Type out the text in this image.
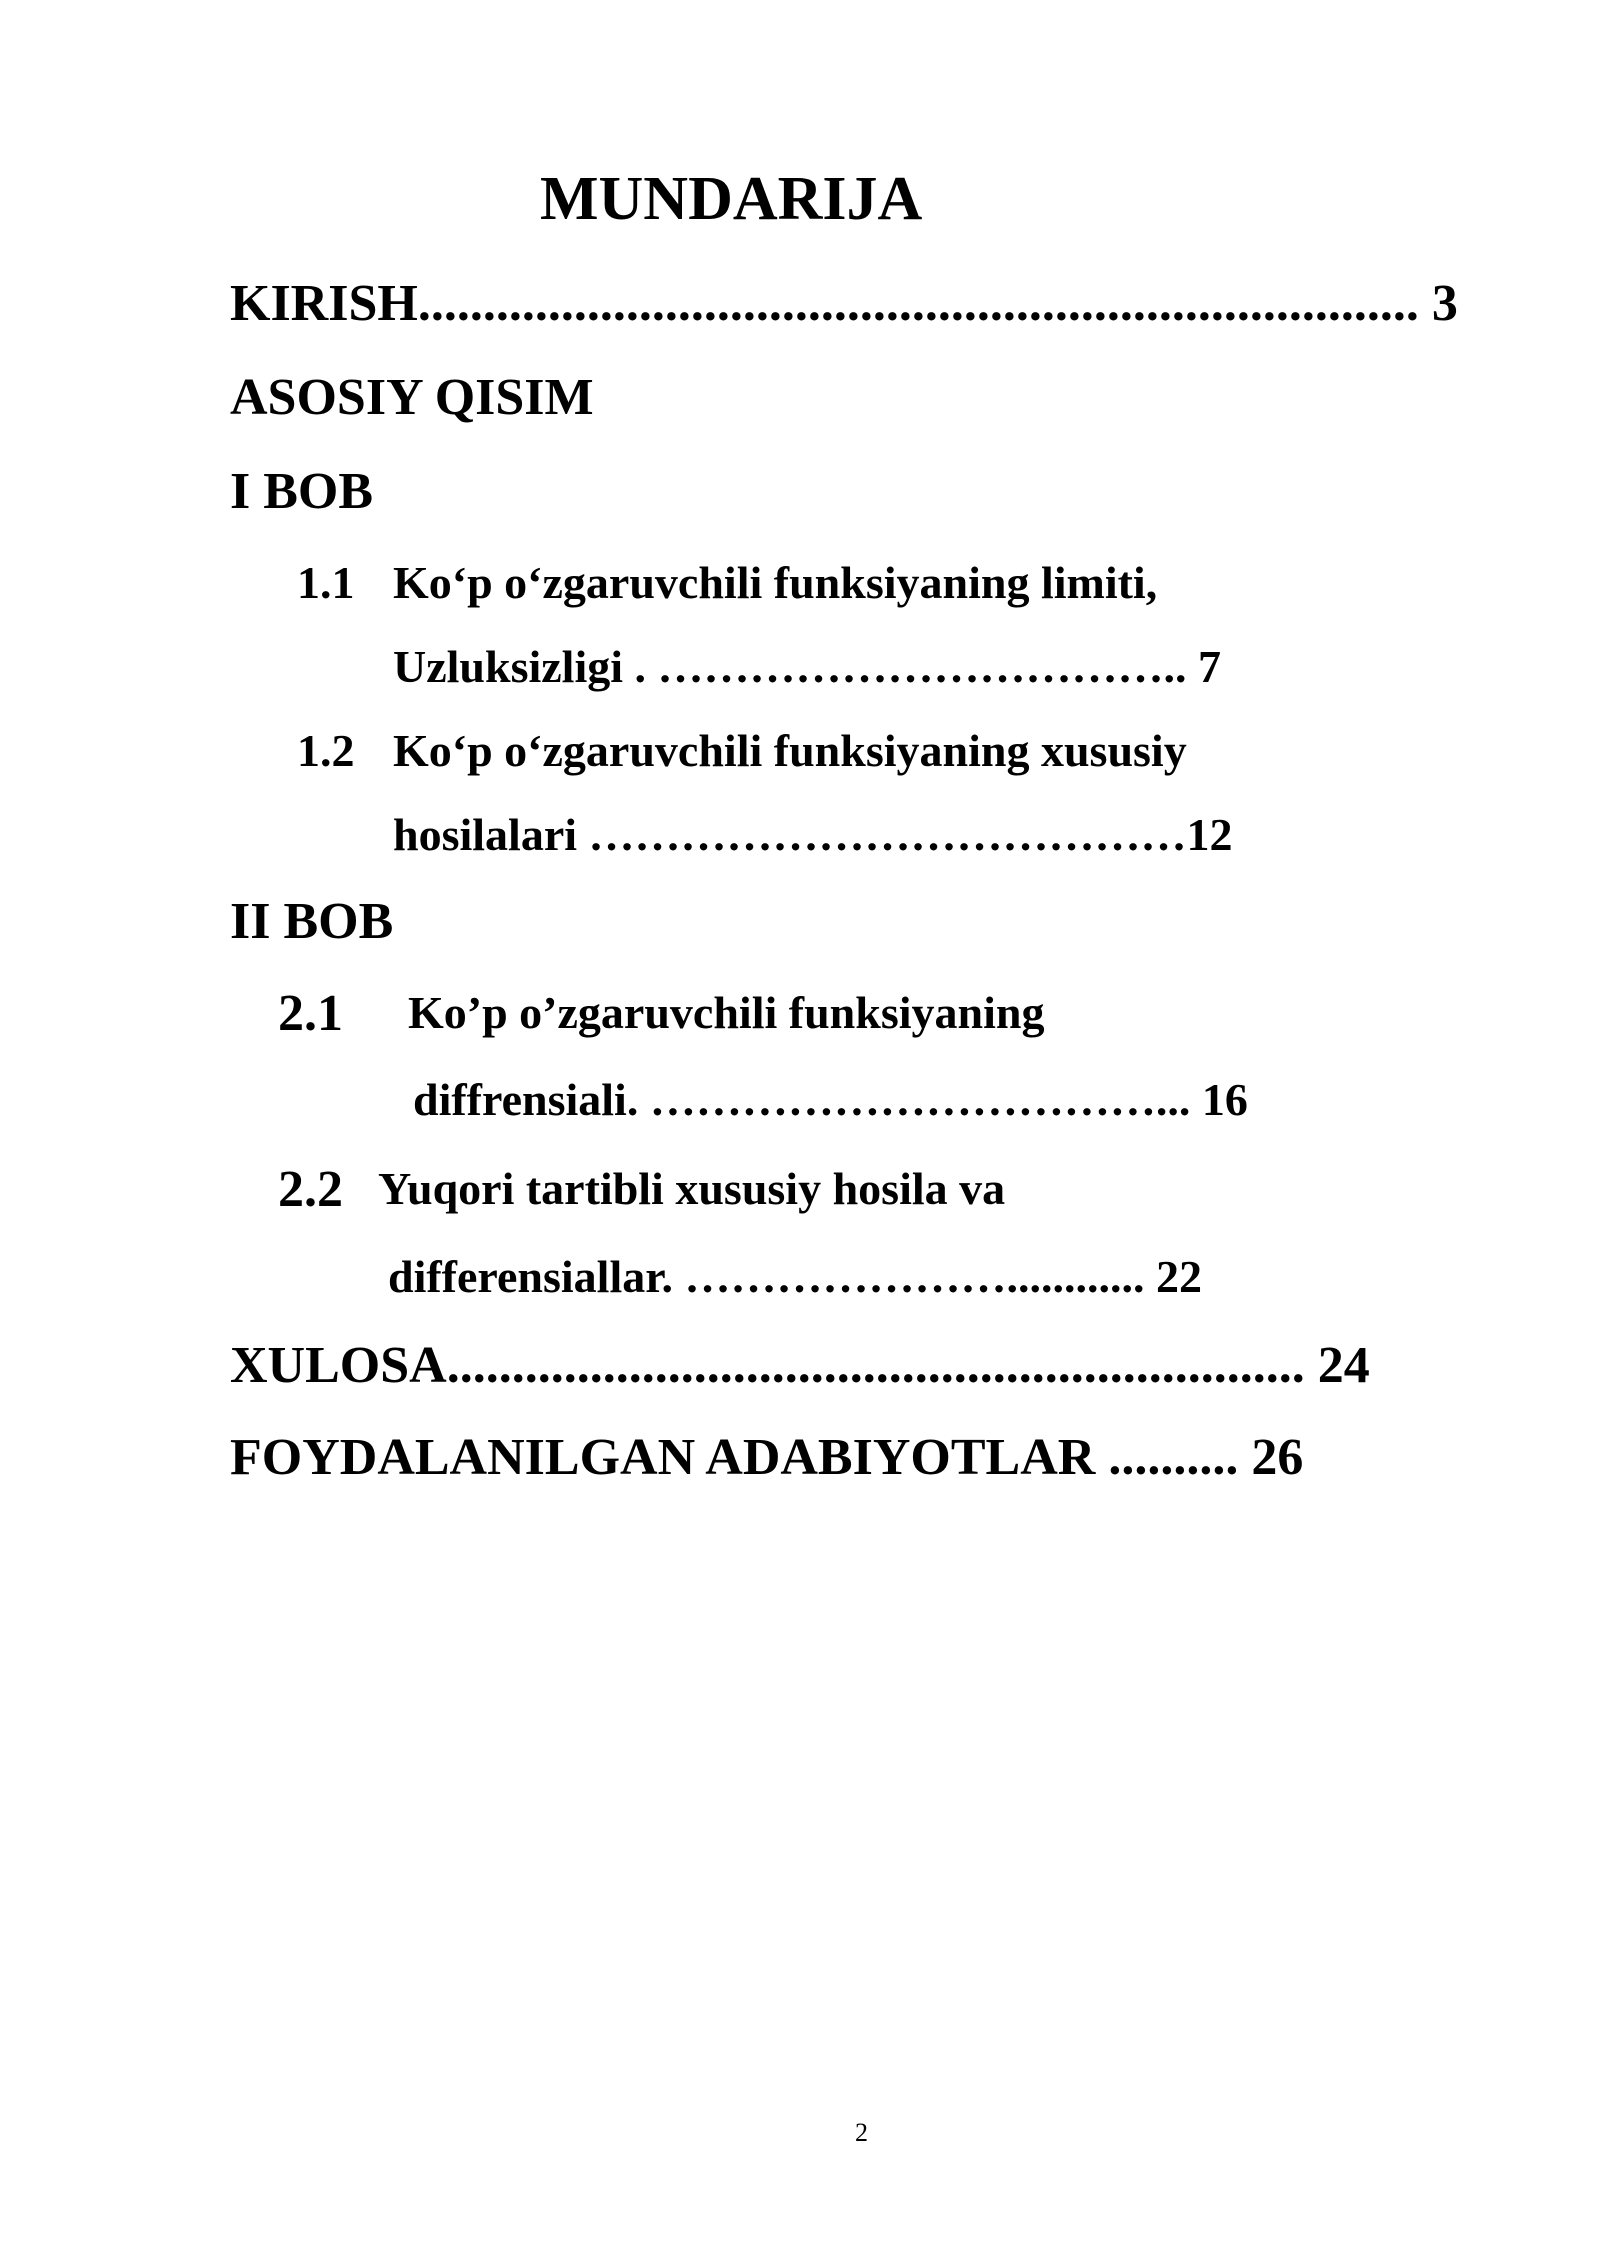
MUNDARIJA
KIRISH............................................................................. 3
ASOSIY QISIM
I BOB
1.1 Ko‘p o‘zgaruvchili funksiyaning limiti,
Uzluksizligi . …………………………….. 7
1.2 Ko‘p o‘zgaruvchili funksiyaning xususiy
hosilalari …………………………………12
II BOB
2.1 Ko’p o’zgaruvchili funksiyaning
diffrensiali. ……………………………... 16
2.2 Yuqori tartibli xususiy hosila va
differensiallar. …………………............ 22
XULOSA.................................................................. 24
FOYDALANILGAN ADABIYOTLAR .......... 26
2
